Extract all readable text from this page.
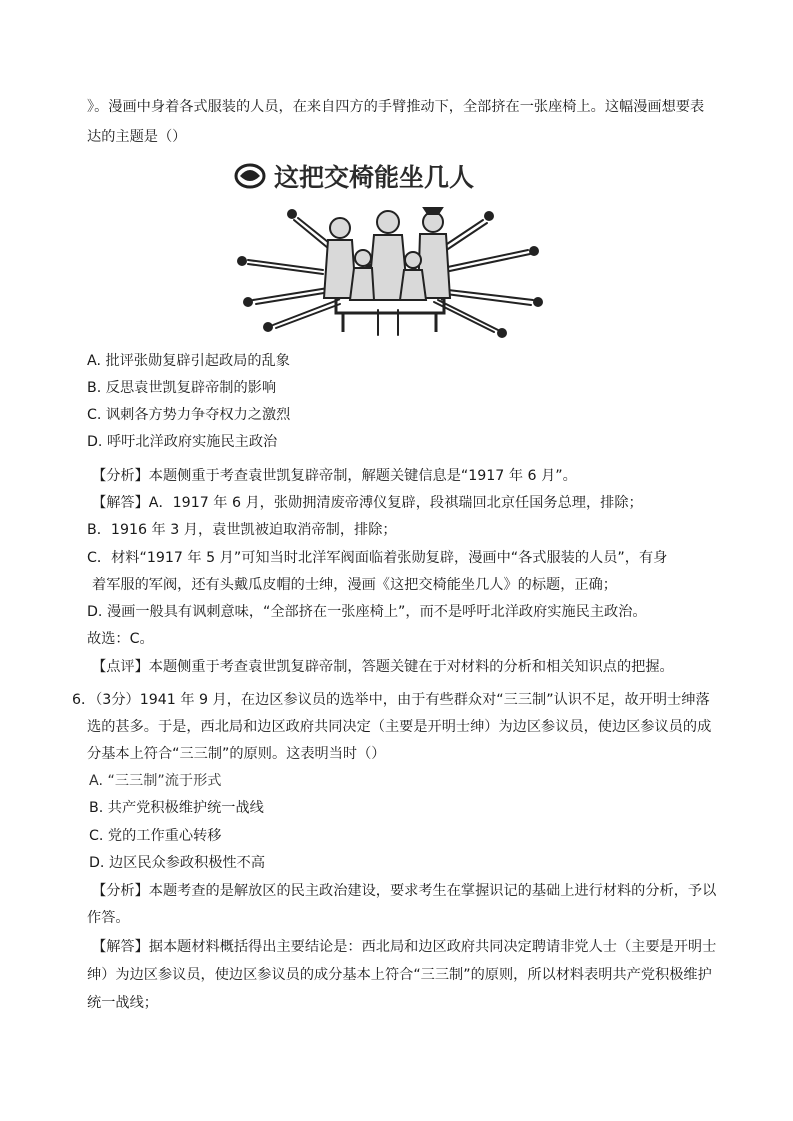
》。漫画中身着各式服装的人员，在来自四方的手臂推动下，全部挤在一张座椅上。这幅漫画想要表
达的主题是（）
这把交椅能坐几人
A. 批评张勋复辟引起政局的乱象
B. 反思袁世凯复辟帝制的影响
C. 讽刺各方势力争夺权力之激烈
D. 呼吁北洋政府实施民主政治
【分析】本题侧重于考查袁世凯复辟帝制，解题关键信息是“1917 年 6 月”。
【解答】A．1917 年 6 月，张勋拥清废帝溥仪复辟，段祺瑞回北京任国务总理，排除；
B．1916 年 3 月，袁世凯被迫取消帝制，排除；
C．材料“1917 年 5 月”可知当时北洋军阀面临着张勋复辟，漫画中“各式服装的人员”，有身
着军服的军阀，还有头戴瓜皮帽的士绅，漫画《这把交椅能坐几人》的标题，正确；
D. 漫画一般具有讽刺意味，“全部挤在一张座椅上”，而不是呼吁北洋政府实施民主政治。
故选：C。
【点评】本题侧重于考查袁世凯复辟帝制，答题关键在于对材料的分析和相关知识点的把握。
6．（3分）1941 年 9 月，在边区参议员的选举中，由于有些群众对“三三制”认识不足，故开明士绅落
选的甚多。于是，西北局和边区政府共同决定（主要是开明士绅）为边区参议员，使边区参议员的成
分基本上符合“三三制”的原则。这表明当时（）
A. “三三制”流于形式
B. 共产党积极维护统一战线
C. 党的工作重心转移
D. 边区民众参政积极性不高
【分析】本题考查的是解放区的民主政治建设，要求考生在掌握识记的基础上进行材料的分析，予以
作答。
【解答】据本题材料概括得出主要结论是：西北局和边区政府共同决定聘请非党人士（主要是开明士
绅）为边区参议员，使边区参议员的成分基本上符合“三三制”的原则，所以材料表明共产党积极维护
统一战线；
